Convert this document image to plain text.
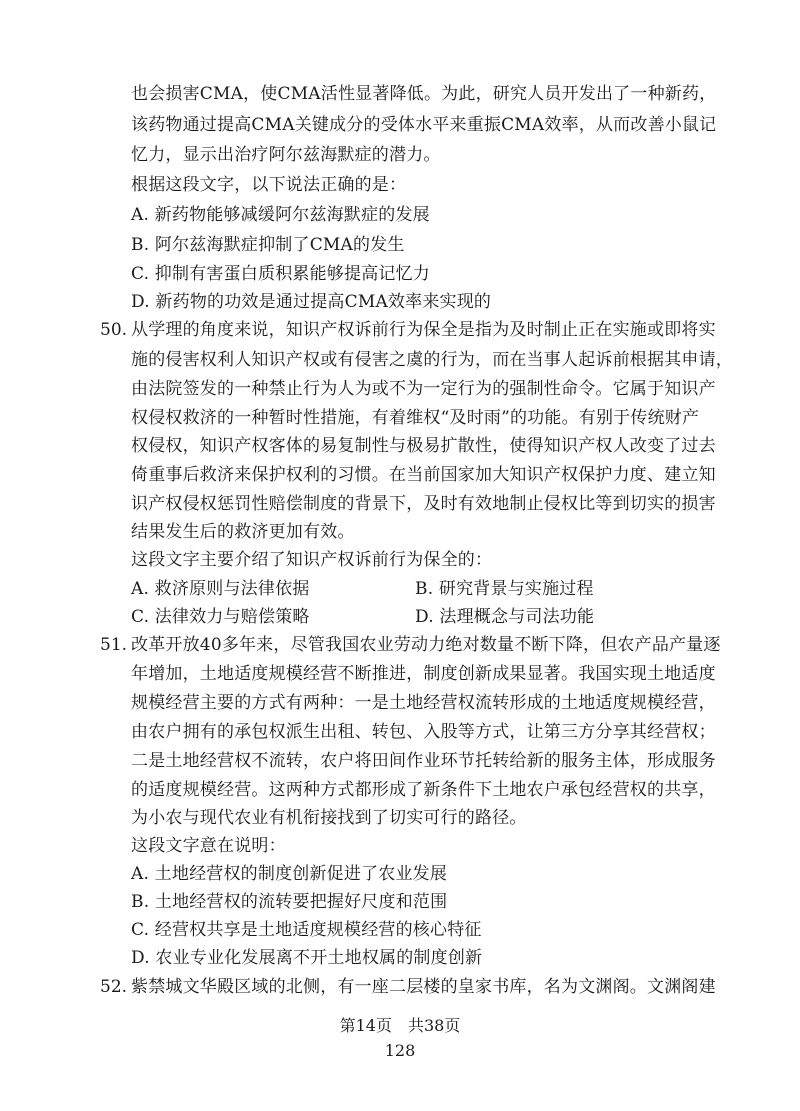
也会损害CMA，使CMA活性显著降低。为此，研究人员开发出了一种新药，
该药物通过提高CMA关键成分的受体水平来重振CMA效率，从而改善小鼠记
忆力，显示出治疗阿尔兹海默症的潜力。
根据这段文字，以下说法正确的是：
A. 新药物能够减缓阿尔兹海默症的发展
B. 阿尔兹海默症抑制了CMA的发生
C. 抑制有害蛋白质积累能够提高记忆力
D. 新药物的功效是通过提高CMA效率来实现的
50. 从学理的角度来说，知识产权诉前行为保全是指为及时制止正在实施或即将实
施的侵害权利人知识产权或有侵害之虞的行为，而在当事人起诉前根据其申请，
由法院签发的一种禁止行为人为或不为一定行为的强制性命令。它属于知识产
权侵权救济的一种暂时性措施，有着维权“及时雨”的功能。有别于传统财产
权侵权，知识产权客体的易复制性与极易扩散性，使得知识产权人改变了过去
倚重事后救济来保护权利的习惯。在当前国家加大知识产权保护力度、建立知
识产权侵权惩罚性赔偿制度的背景下，及时有效地制止侵权比等到切实的损害
结果发生后的救济更加有效。
这段文字主要介绍了知识产权诉前行为保全的：
A. 救济原则与法律依据	B. 研究背景与实施过程
C. 法律效力与赔偿策略	D. 法理概念与司法功能
51. 改革开放40多年来，尽管我国农业劳动力绝对数量不断下降，但农产品产量逐
年增加，土地适度规模经营不断推进，制度创新成果显著。我国实现土地适度
规模经营主要的方式有两种：一是土地经营权流转形成的土地适度规模经营，
由农户拥有的承包权派生出租、转包、入股等方式，让第三方分享其经营权；
二是土地经营权不流转，农户将田间作业环节托转给新的服务主体，形成服务
的适度规模经营。这两种方式都形成了新条件下土地农户承包经营权的共享，
为小农与现代农业有机衔接找到了切实可行的路径。
这段文字意在说明：
A. 土地经营权的制度创新促进了农业发展
B. 土地经营权的流转要把握好尺度和范围
C. 经营权共享是土地适度规模经营的核心特征
D. 农业专业化发展离不开土地权属的制度创新
52. 紫禁城文华殿区域的北侧，有一座二层楼的皇家书库，名为文渊阁。文渊阁建
第14页　共38页
128
